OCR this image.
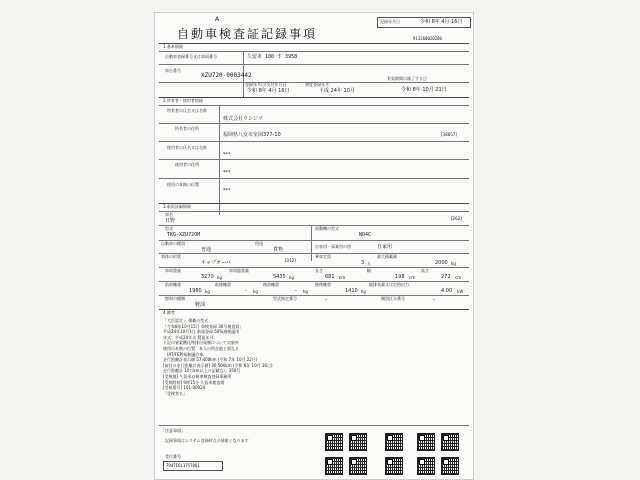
A
自動車検査証記録事項
記録年月日	令和 8年 4月 16日
913260020280
1.基本情報
自動車登録番号又は車両番号	久留米 100 す 3958
車台番号
XZU720-0003442	有効期間の満了する日
令和 8年 10月 21日
登録年月日/交付年月日
令和 8年 4月 16日
初度登録年月
平成 24年 10月
2.所有者・使用者情報
所有者の氏名又は名称
株式会社ウシジマ
所有者の住所
福岡県八女市室岡377-10	[38857]
使用者の氏名又は名称
***
使用者の住所
***
使用の本拠の位置
***
3.車両詳細情報
車名
日野	[262]
型式
TKG-XZU720M
原動機の型式
N04C
自動車の種別
普通
用途
貨物
自家用・事業用の別	自家用
車体の形状
キャブオーバ	[012]
乗車定員
3 人
最大積載量
2000 kg
車両重量
3270 kg
車両総重量
5435 kg
長さ
681 cm
幅
198 cm
高さ
272 cm
前前軸重
1960 kg
前後軸重
- kg
後前軸重
- kg
後後軸重
1410 kg
総排気量又は定格出力
4.00 kW
燃料の種類
軽油
型式指定番号	-	類別区分番号	-
4.備考
「大臣認定」 積載の型式
「令和8年10月15日 車検登録 36号検査員」
平成24年10月1日 新規登録 50%減税適用
年式：平成24年式 製造年月
下記の窒素酸化物排出規制について対象外
使用の本拠の位置：本人の所在地と異なる
・(AT/FEP)規制適合車
走行距離計表示値 57,400km (令和 7年 10月 22日)
[前回の走行距離計表示値] 36,500km (令和 6年 10月 16日)
走行距離計 10万km以上の記載なし 350号
[受検地] 久留米自動車検査登録事務所
[受検時刻] 9時15分 久留米検査場
[受検番号] 101-00924
「受検者名」
「注意事項」
記録事項はシステム登録時点の情報となります
受付番号
7947IGL17570Q1
